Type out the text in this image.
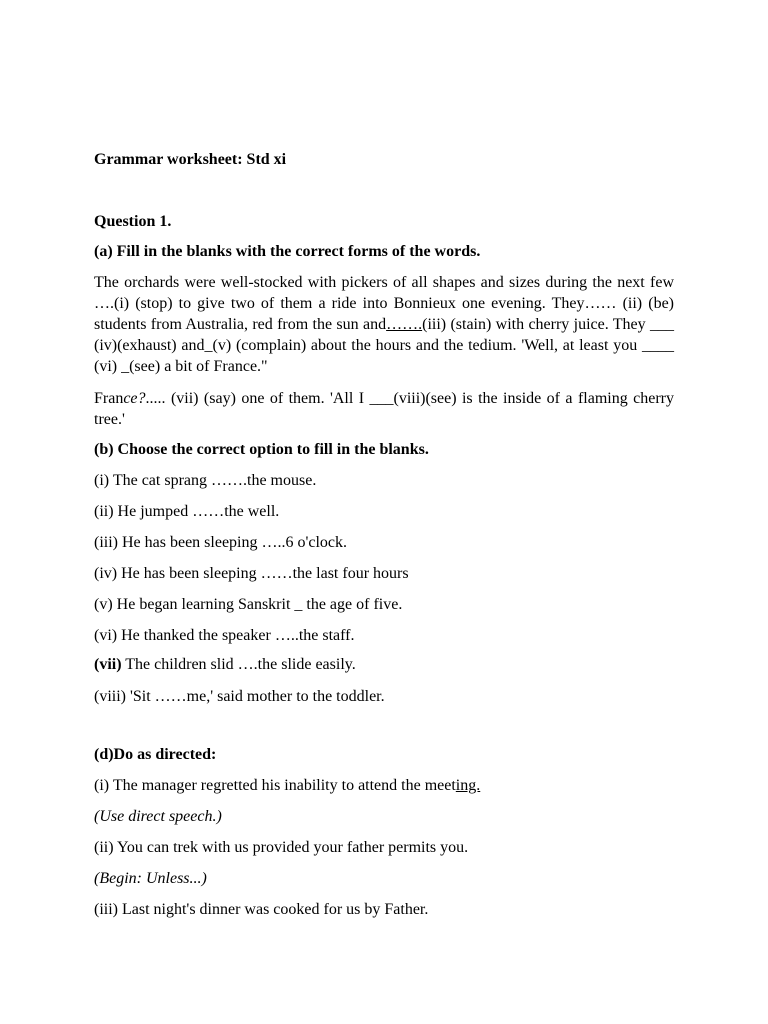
Grammar worksheet: Std xi
Question 1.
(a) Fill in the blanks with the correct forms of the words.
The orchards were well-stocked with pickers of all shapes and sizes during the next few ….(i) (stop) to give two of them a ride into Bonnieux one evening. They…… (ii) (be) students from Australia, red from the sun and…….(iii) (stain) with cherry juice. They ___ (iv)(exhaust) and_(v) (complain) about the hours and the tedium. 'Well, at least you ____ (vi) _(see) a bit of France."
France?..... (vii) (say) one of them. 'All I ___(viii)(see) is the inside of a flaming cherry tree.'
(b) Choose the correct option to fill in the blanks.
(i) The cat sprang …….the mouse.
(ii) He jumped ……the well.
(iii) He has been sleeping …..6 o'clock.
(iv) He has been sleeping ……the last four hours
(v) He began learning Sanskrit _ the age of five.
(vi) He thanked the speaker …..the staff.
(vii) The children slid ….the slide easily.
(viii) 'Sit ……me,' said mother to the toddler.
(d)Do as directed:
(i) The manager regretted his inability to attend the meeting.
(Use direct speech.)
(ii) You can trek with us provided your father permits you.
(Begin: Unless...)
(iii) Last night's dinner was cooked for us by Father.
